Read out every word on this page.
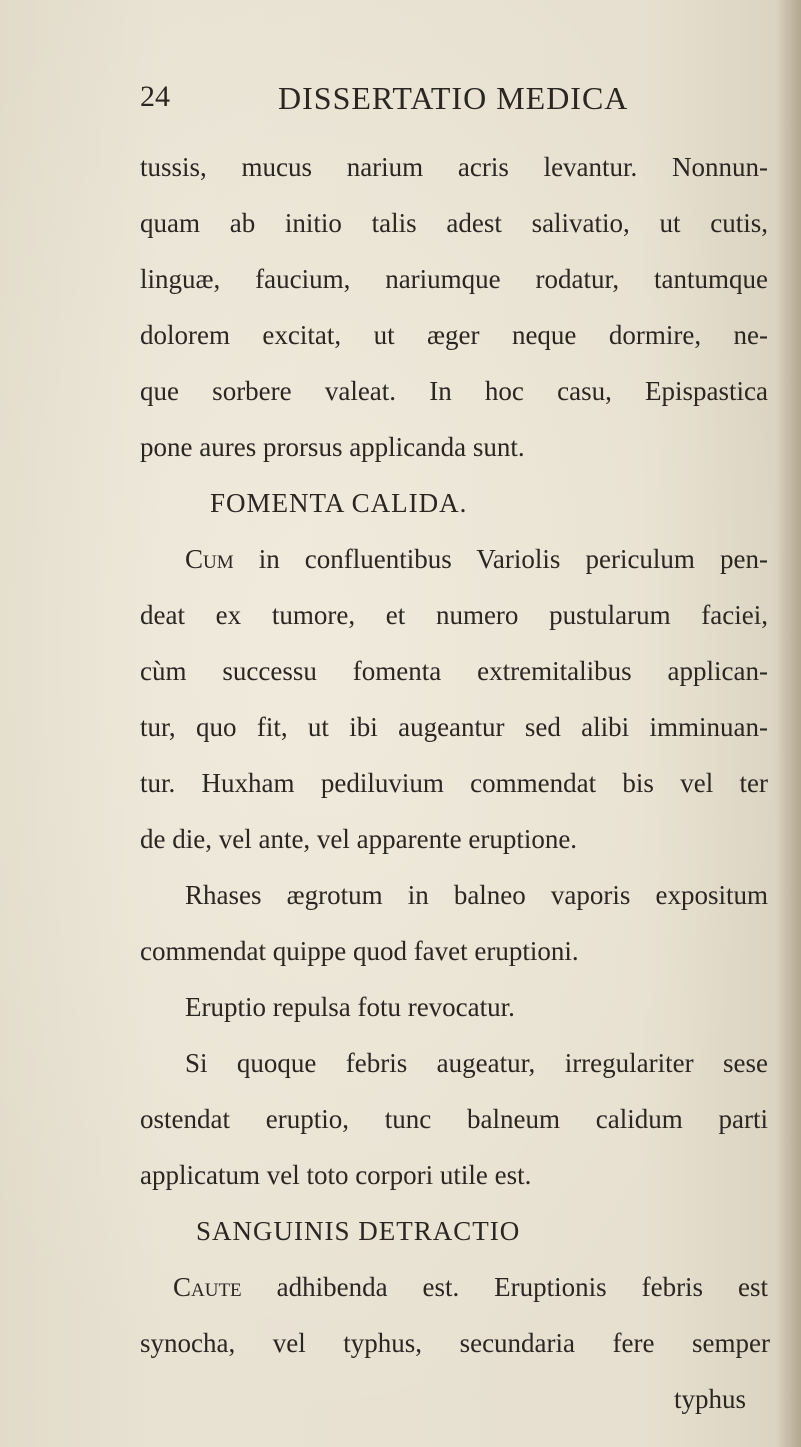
24	DISSERTATIO MEDICA
tussis, mucus narium acris levantur. Nonnun-
quam ab initio talis adest salivatio, ut cutis,
linguæ, faucium, nariumque rodatur, tantumque
dolorem excitat, ut æger neque dormire, ne-
que sorbere valeat. In hoc casu, Epispastica
pone aures prorsus applicanda sunt.
FOMENTA CALIDA.
Cum in confluentibus Variolis periculum pen-
deat ex tumore, et numero pustularum faciei,
cùm successu fomenta extremitalibus applican-
tur, quo fit, ut ibi augeantur sed alibi imminuan-
tur. Huxham pediluvium commendat bis vel ter
de die, vel ante, vel apparente eruptione.
Rhases ægrotum in balneo vaporis expositum
commendat quippe quod favet eruptioni.
Eruptio repulsa fotu revocatur.
Si quoque febris augeatur, irregulariter sese
ostendat eruptio, tunc balneum calidum parti
applicatum vel toto corpori utile est.
SANGUINIS DETRACTIO
Caute adhibenda est. Eruptionis febris est
synocha, vel typhus, secundaria fere semper
typhus
